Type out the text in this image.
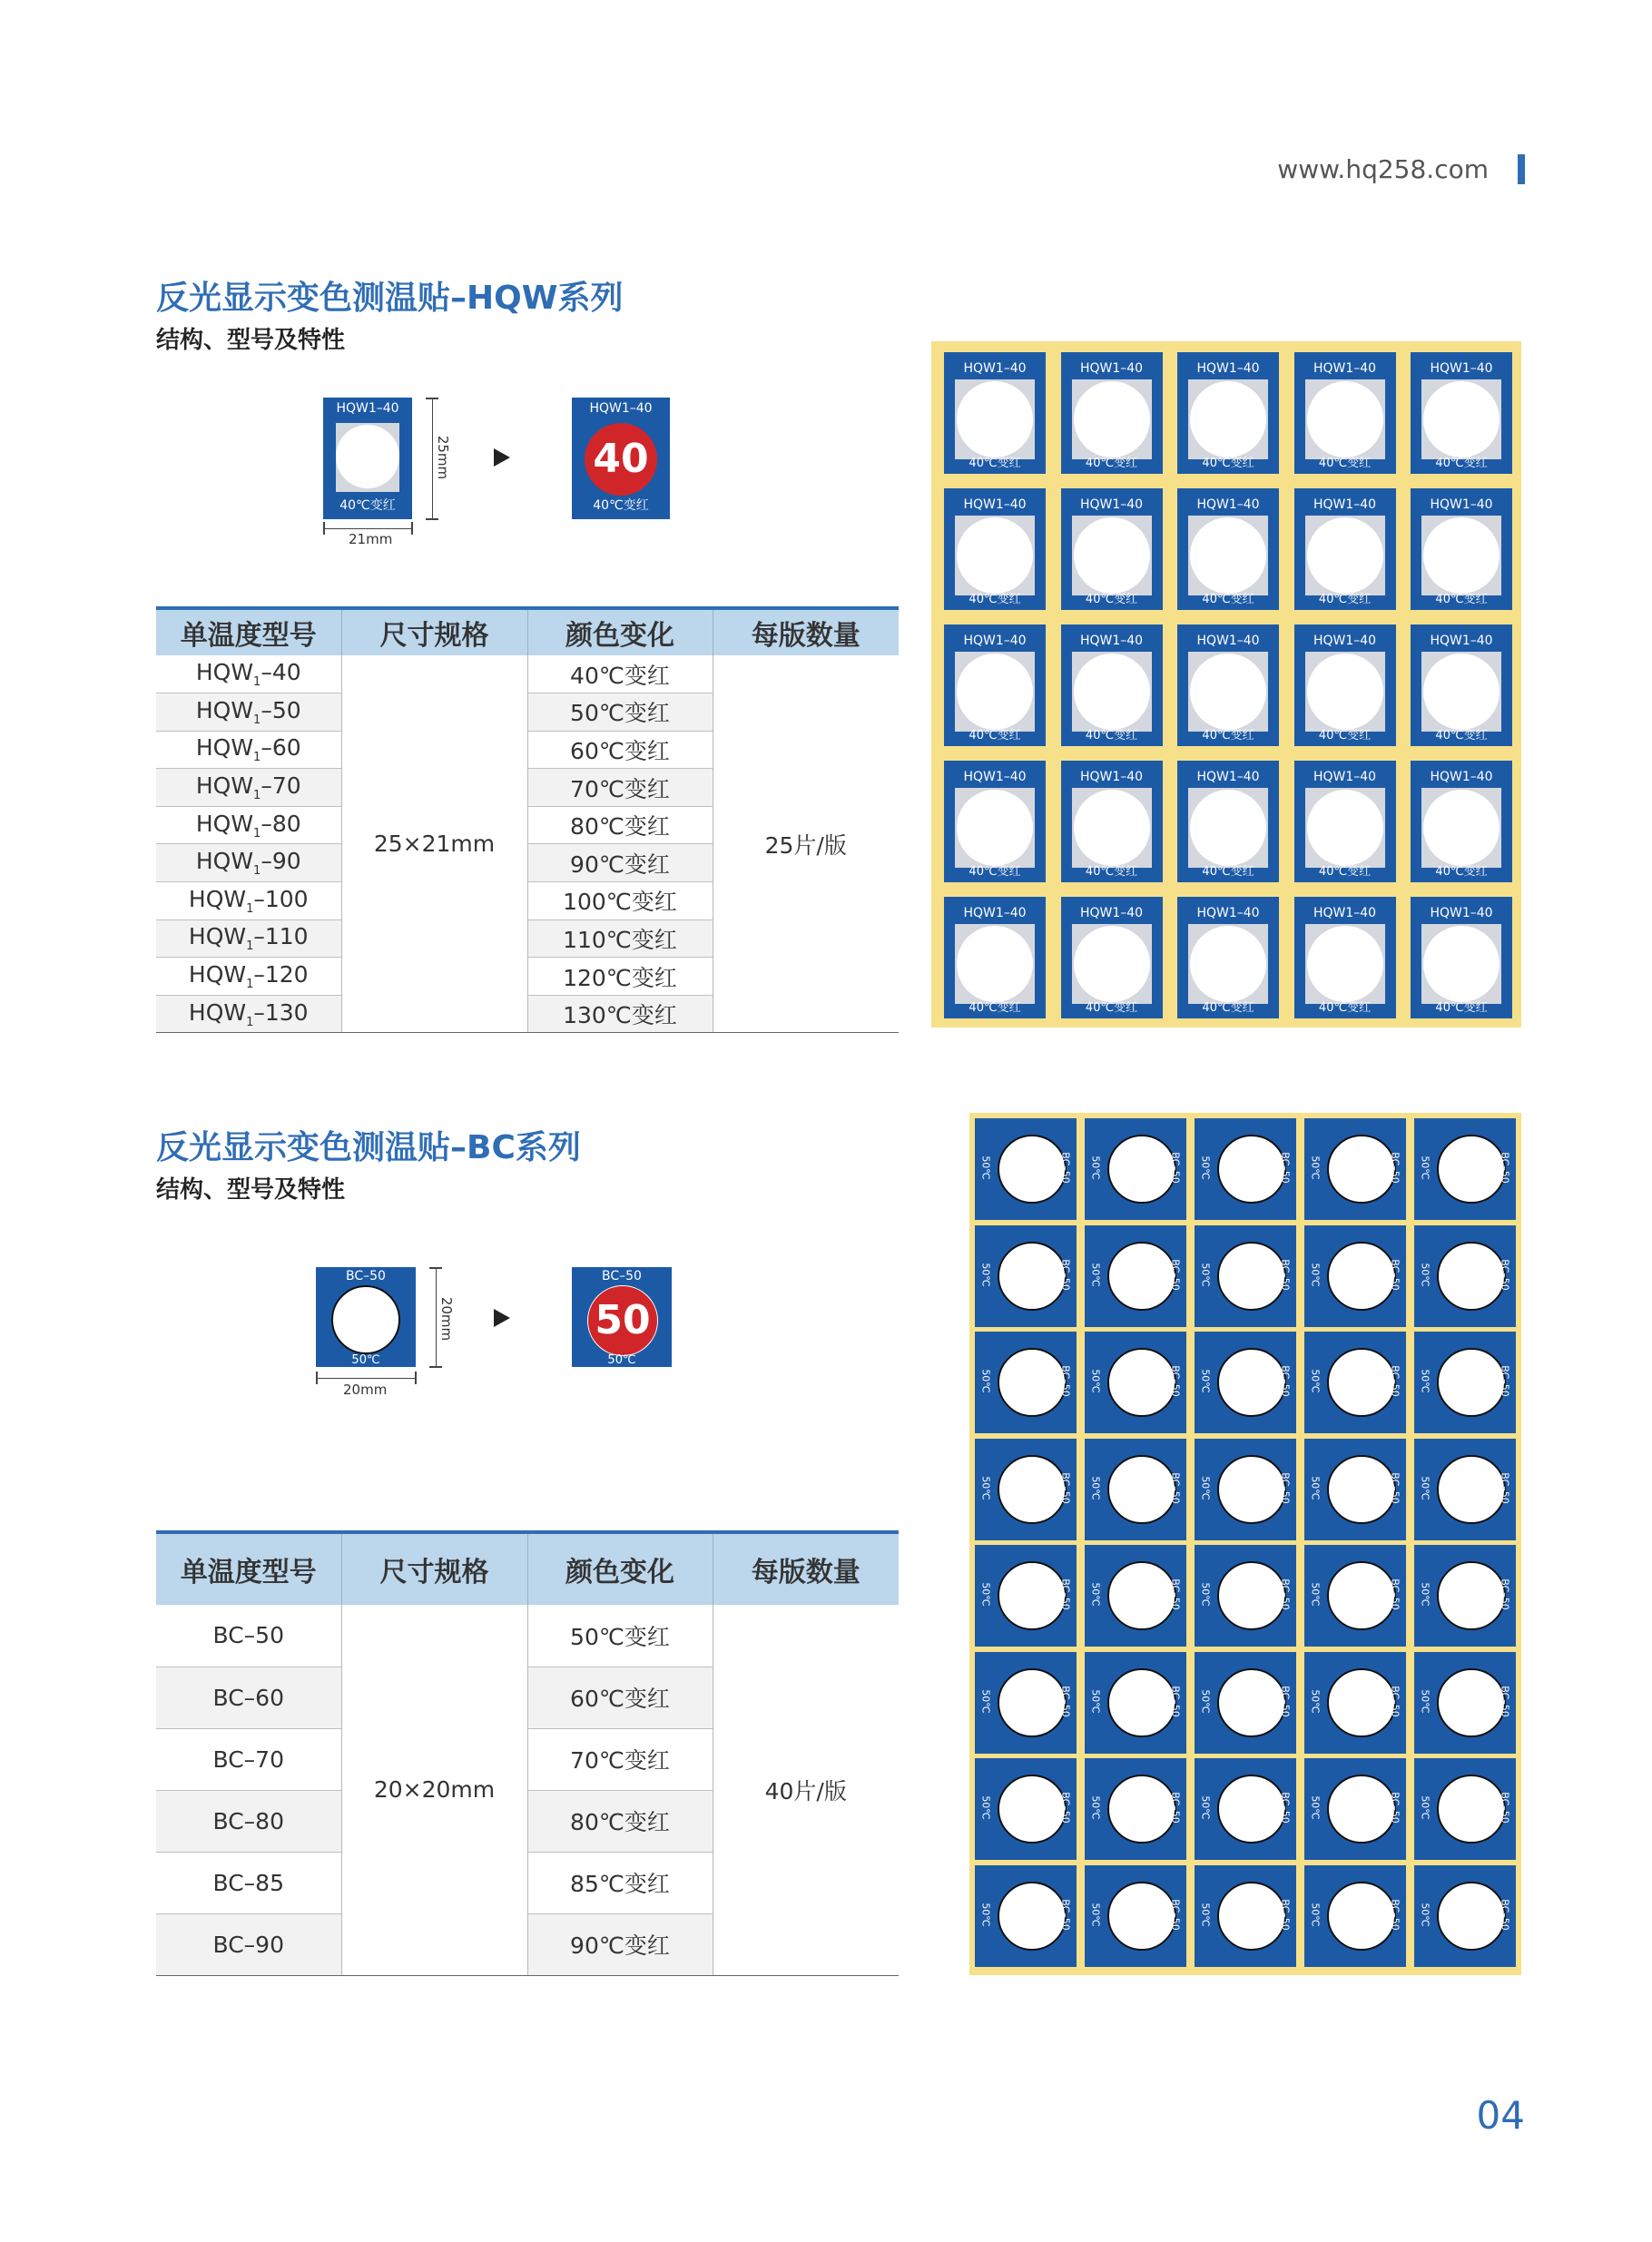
www.hq258.com
反光显示变色测温贴–HQW系列
结构、型号及特性
HQW1–40
40℃变红
25mm
21mm
HQW1–40
40
40℃变红
单温度型号	尺寸规格	颜色变化	每版数量
$HQW_1-40$	25×21mm	40℃变红	25片/版
$HQW_1-50$		50℃变红	
$HQW_1-60$		60℃变红	
$HQW_1-70$		70℃变红	
$HQW_1-80$		80℃变红	
$HQW_1-90$		90℃变红	
$HQW_1-100$		100℃变红	
$HQW_1-110$		110℃变红	
$HQW_1-120$		120℃变红	
$HQW_1-130$		130℃变红	
HQW1–40
40℃变红
HQW1–40
40℃变红
HQW1–40
40℃变红
HQW1–40
40℃变红
HQW1–40
40℃变红
HQW1–40
40℃变红
HQW1–40
40℃变红
HQW1–40
40℃变红
HQW1–40
40℃变红
HQW1–40
40℃变红
HQW1–40
40℃变红
HQW1–40
40℃变红
HQW1–40
40℃变红
HQW1–40
40℃变红
HQW1–40
40℃变红
HQW1–40
40℃变红
HQW1–40
40℃变红
HQW1–40
40℃变红
HQW1–40
40℃变红
HQW1–40
40℃变红
HQW1–40
40℃变红
HQW1–40
40℃变红
HQW1–40
40℃变红
HQW1–40
40℃变红
HQW1–40
40℃变红
反光显示变色测温贴–BC系列
结构、型号及特性
BC–50
50℃
20mm
20mm
BC–50
50
50℃
单温度型号	尺寸规格	颜色变化	每版数量
BC–50	20×20mm	50℃变红	40片/版
BC–60		60℃变红	
BC–70		70℃变红	
BC–80		80℃变红	
BC–85		85℃变红	
BC–90		90℃变红	
50℃	BC–50 50℃	BC–50 50℃	BC–50 50℃	BC–50 50℃	BC–50
50℃	BC–50 50℃	BC–50 50℃	BC–50 50℃	BC–50 50℃	BC–50
50℃	BC–50 50℃	BC–50 50℃	BC–50 50℃	BC–50 50℃	BC–50
50℃	BC–50 50℃	BC–50 50℃	BC–50 50℃	BC–50 50℃	BC–50
50℃	BC–50 50℃	BC–50 50℃	BC–50 50℃	BC–50 50℃	BC–50
50℃	BC–50 50℃	BC–50 50℃	BC–50 50℃	BC–50 50℃	BC–50
50℃	BC–50 50℃	BC–50 50℃	BC–50 50℃	BC–50 50℃	BC–50
50℃	BC–50 50℃	BC–50 50℃	BC–50 50℃	BC–50 50℃	BC–50
04
